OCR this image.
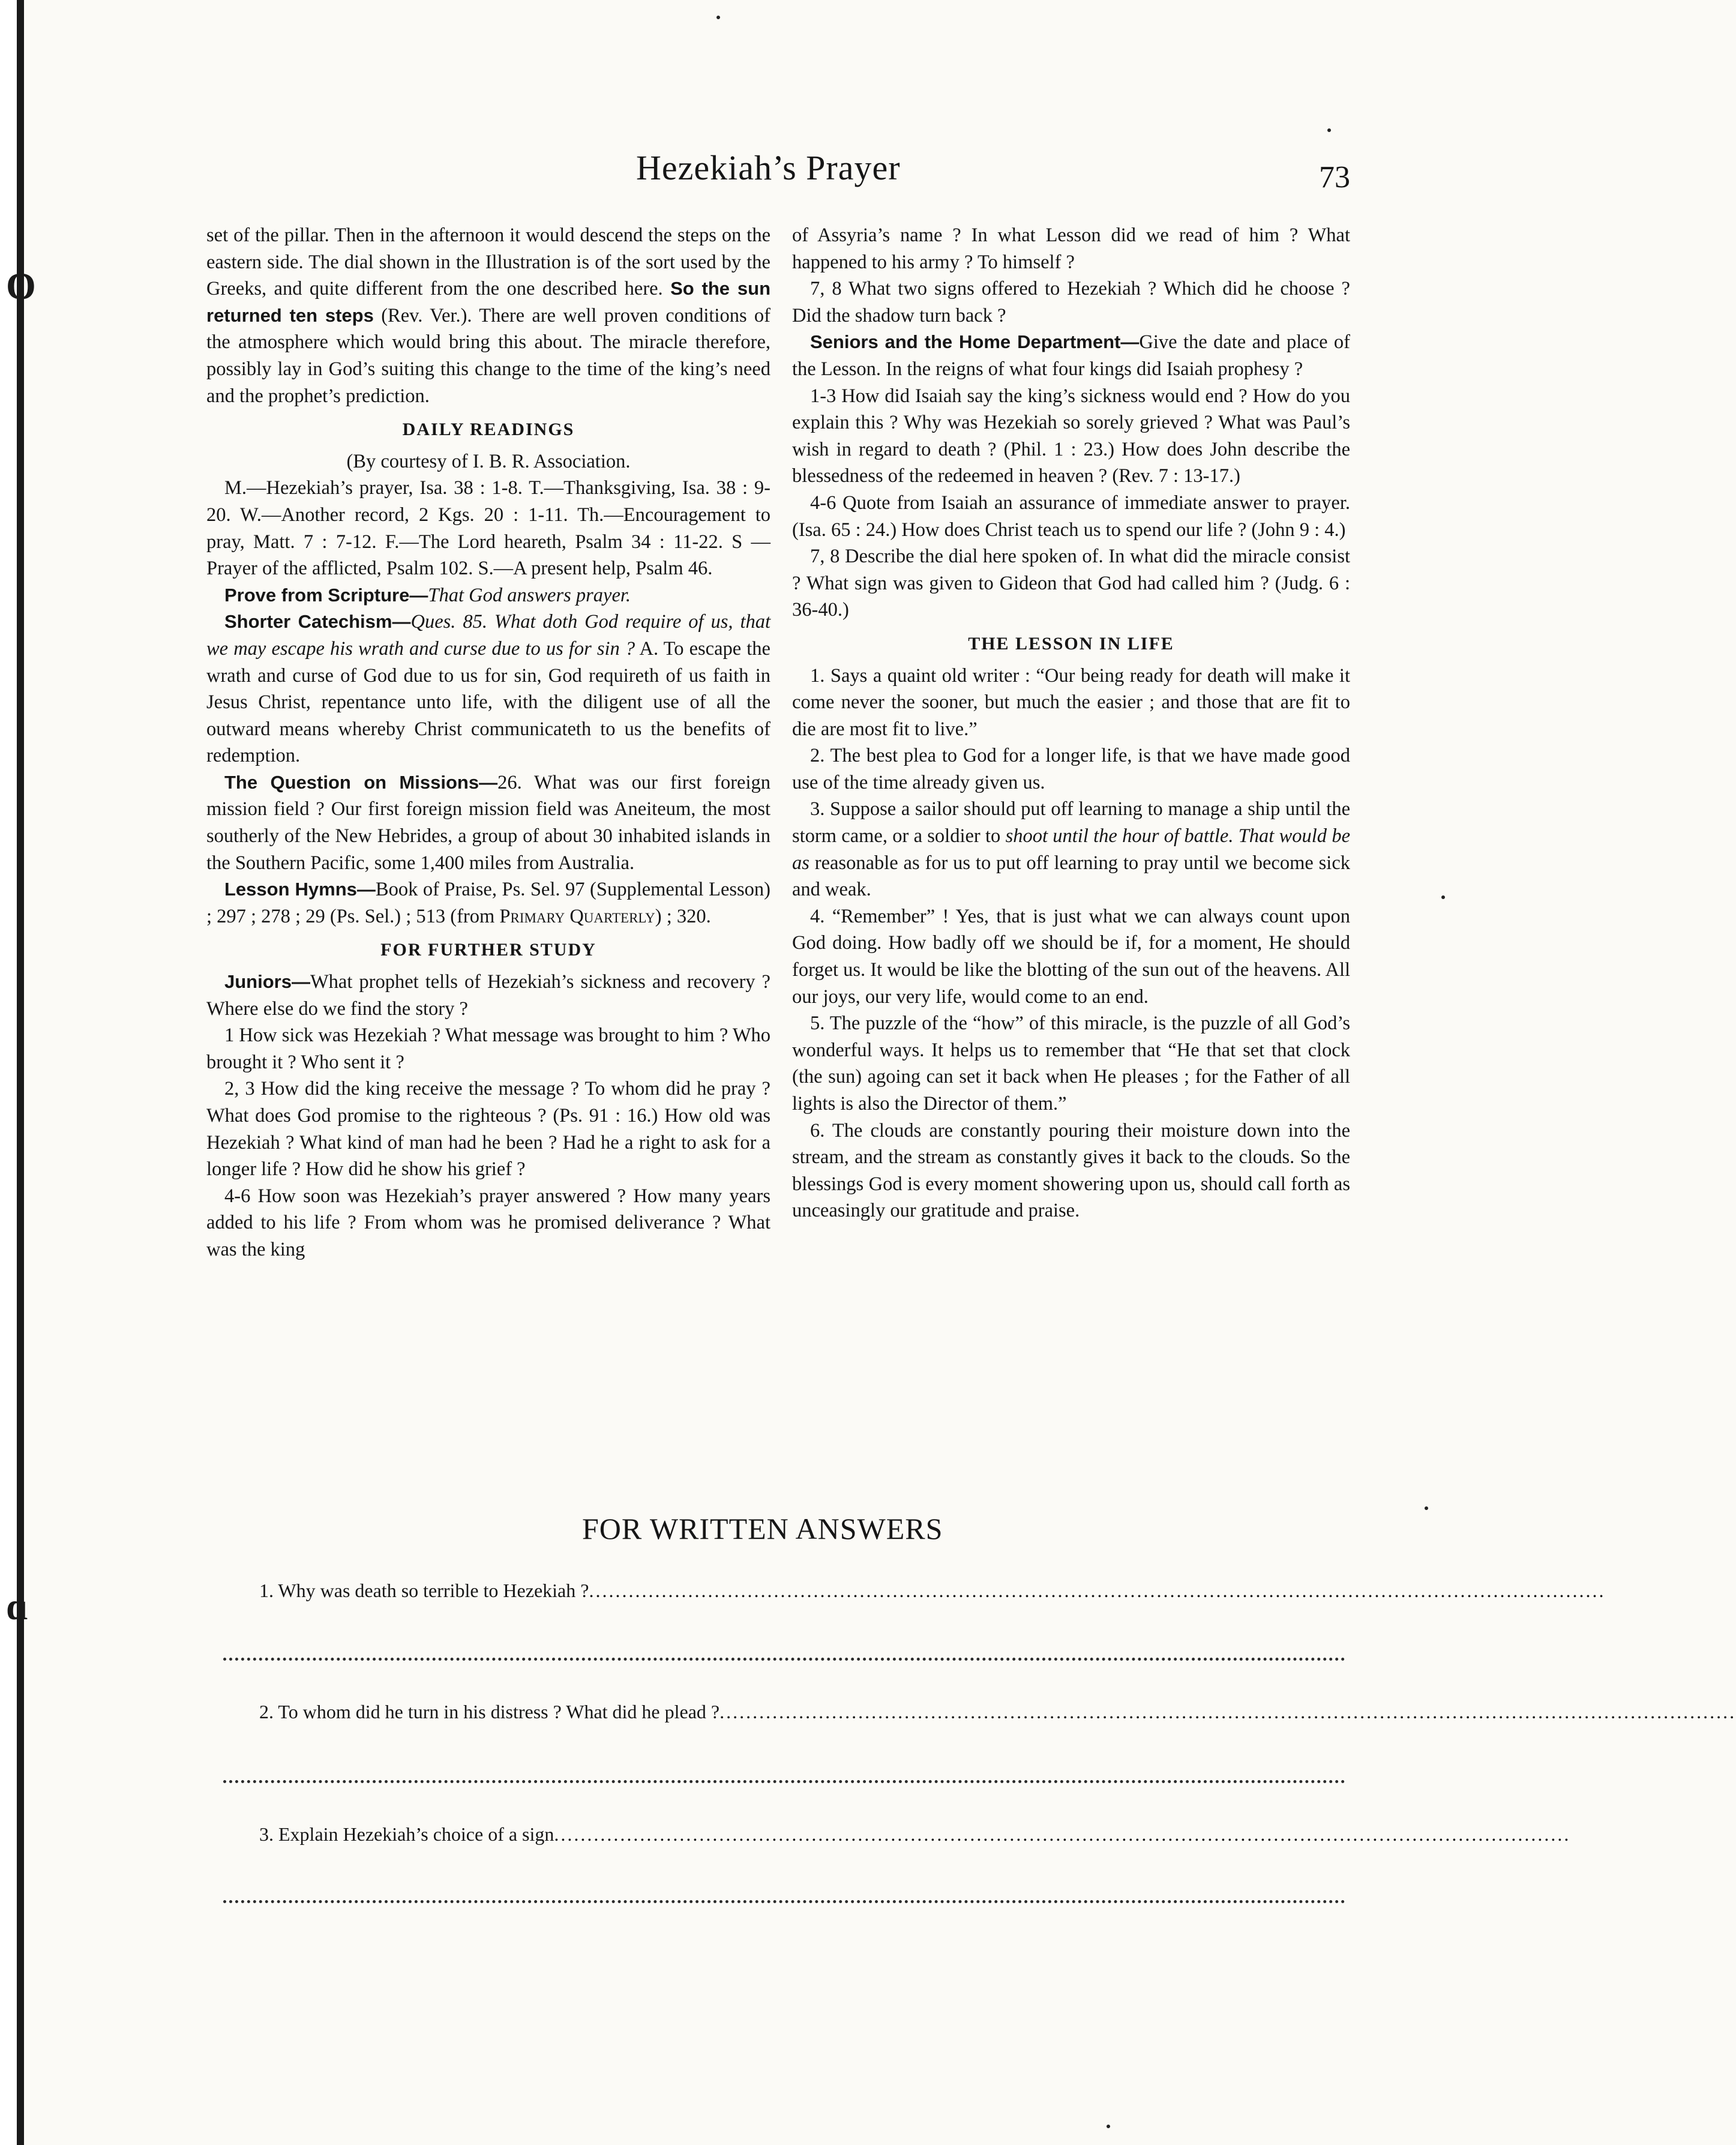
ʘ
ɑ
Hezekiah’s Prayer	73

set of the pillar. Then in the afternoon it would descend the steps on the eastern side. The dial shown in the Illustration is of the sort used by the Greeks, and quite different from the one described here. So the sun returned ten steps (Rev. Ver.). There are well proven conditions of the atmosphere which would bring this about. The miracle therefore, possibly lay in God’s suiting this change to the time of the king’s need and the prophet’s prediction.

DAILY READINGS

(By courtesy of I. B. R. Association.

M.—Hezekiah’s prayer, Isa. 38 : 1-8. T.—Thanksgiving, Isa. 38 : 9-20. W.—Another record, 2 Kgs. 20 : 1-11. Th.—Encouragement to pray, Matt. 7 : 7-12. F.—The Lord heareth, Psalm 34 : 11-22. S —Prayer of the afflicted, Psalm 102. S.—A present help, Psalm 46.

Prove from Scripture—That God answers prayer.

Shorter Catechism—Ques. 85. What doth God require of us, that we may escape his wrath and curse due to us for sin ? A. To escape the wrath and curse of God due to us for sin, God requireth of us faith in Jesus Christ, repentance unto life, with the diligent use of all the outward means whereby Christ communicateth to us the benefits of redemption.

The Question on Missions—26. What was our first foreign mission field ? Our first foreign mission field was Aneiteum, the most southerly of the New Hebrides, a group of about 30 inhabited islands in the Southern Pacific, some 1,400 miles from Australia.

Lesson Hymns—Book of Praise, Ps. Sel. 97 (Supplemental Lesson) ; 297 ; 278 ; 29 (Ps. Sel.) ; 513 (from Primary Quarterly) ; 320.

FOR FURTHER STUDY

Juniors—What prophet tells of Hezekiah’s sickness and recovery ? Where else do we find the story ?

1 How sick was Hezekiah ? What message was brought to him ? Who brought it ? Who sent it ?

2, 3 How did the king receive the message ? To whom did he pray ? What does God promise to the righteous ? (Ps. 91 : 16.) How old was Hezekiah ? What kind of man had he been ? Had he a right to ask for a longer life ? How did he show his grief ?

4-6 How soon was Hezekiah’s prayer answered ? How many years added to his life ? From whom was he promised deliverance ? What was the king

of Assyria’s name ? In what Lesson did we read of him ? What happened to his army ? To himself ?

7, 8 What two signs offered to Hezekiah ? Which did he choose ? Did the shadow turn back ?

Seniors and the Home Department—Give the date and place of the Lesson. In the reigns of what four kings did Isaiah prophesy ?

1-3 How did Isaiah say the king’s sickness would end ? How do you explain this ? Why was Hezekiah so sorely grieved ? What was Paul’s wish in regard to death ? (Phil. 1 : 23.) How does John describe the blessedness of the redeemed in heaven ? (Rev. 7 : 13-17.)

4-6 Quote from Isaiah an assurance of immediate answer to prayer. (Isa. 65 : 24.) How does Christ teach us to spend our life ? (John 9 : 4.)

7, 8 Describe the dial here spoken of. In what did the miracle consist ? What sign was given to Gideon that God had called him ? (Judg. 6 : 36-40.)

THE LESSON IN LIFE

1. Says a quaint old writer : “Our being ready for death will make it come never the sooner, but much the easier ; and those that are fit to die are most fit to live.”

2. The best plea to God for a longer life, is that we have made good use of the time already given us.

3. Suppose a sailor should put off learning to manage a ship until the storm came, or a soldier to shoot until the hour of battle. That would be as reasonable as for us to put off learning to pray until we become sick and weak.

4. “Remember” ! Yes, that is just what we can always count upon God doing. How badly off we should be if, for a moment, He should forget us. It would be like the blotting of the sun out of the heavens. All our joys, our very life, would come to an end.

5. The puzzle of the “how” of this miracle, is the puzzle of all God’s wonderful ways. It helps us to remember that “He that set that clock (the sun) agoing can set it back when He pleases ; for the Father of all lights is also the Director of them.”

6. The clouds are constantly pouring their moisture down into the stream, and the stream as constantly gives it back to the clouds. So the blessings God is every moment showering upon us, should call forth as unceasingly our gratitude and praise.

FOR WRITTEN ANSWERS
1. Why was death so terrible to Hezekiah ?..........................................................................................................................................................
2. To whom did he turn in his distress ? What did he plead ?..........................................................................................................................................................
3. Explain Hezekiah’s choice of a sign..........................................................................................................................................................
